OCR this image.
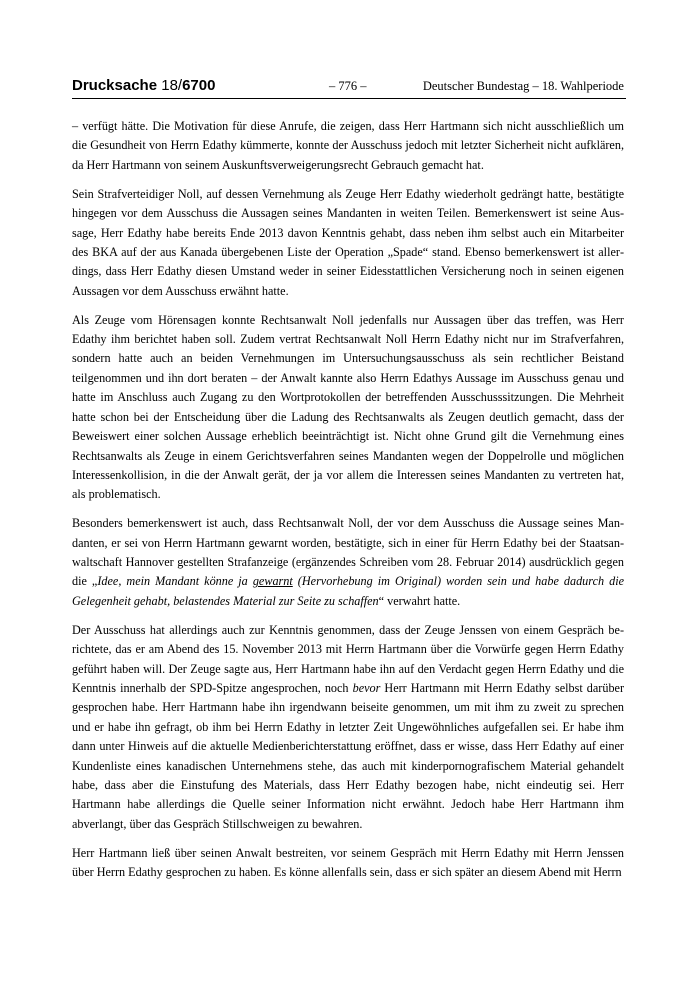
Drucksache 18/6700	– 776 –	Deutscher Bundestag – 18. Wahlperiode

– verfügt hätte. Die Motivation für diese Anrufe, die zeigen, dass Herr Hartmann sich nicht ausschließlich um die Gesundheit von Herrn Edathy kümmerte, konnte der Ausschuss jedoch mit letzter Sicherheit nicht aufklären, da Herr Hartmann von seinem Auskunftsverweigerungsrecht Gebrauch gemacht hat.

Sein Strafverteidiger Noll, auf dessen Vernehmung als Zeuge Herr Edathy wiederholt gedrängt hatte, bestätigte hingegen vor dem Ausschuss die Aussagen seines Mandanten in weiten Teilen. Bemerkenswert ist seine Aussage, Herr Edathy habe bereits Ende 2013 davon Kenntnis gehabt, dass neben ihm selbst auch ein Mitarbeiter des BKA auf der aus Kanada übergebenen Liste der Operation „Spade“ stand. Ebenso bemerkenswert ist allerdings, dass Herr Edathy diesen Umstand weder in seiner Eidesstattlichen Versicherung noch in seinen eigenen Aussagen vor dem Ausschuss erwähnt hatte.

Als Zeuge vom Hörensagen konnte Rechtsanwalt Noll jedenfalls nur Aussagen über das treffen, was Herr Edathy ihm berichtet haben soll. Zudem vertrat Rechtsanwalt Noll Herrn Edathy nicht nur im Strafverfahren, sondern hatte auch an beiden Vernehmungen im Untersuchungsausschuss als sein rechtlicher Beistand teilgenommen und ihn dort beraten – der Anwalt kannte also Herrn Edathys Aussage im Ausschuss genau und hatte im Anschluss auch Zugang zu den Wortprotokollen der betreffenden Ausschusssitzungen. Die Mehrheit hatte schon bei der Entscheidung über die Ladung des Rechtsanwalts als Zeugen deutlich gemacht, dass der Beweiswert einer solchen Aussage erheblich beeinträchtigt ist. Nicht ohne Grund gilt die Vernehmung eines Rechtsanwalts als Zeuge in einem Gerichtsverfahren seines Mandanten wegen der Doppelrolle und möglichen Interessenkollision, in die der Anwalt gerät, der ja vor allem die Interessen seines Mandanten zu vertreten hat, als problematisch.

Besonders bemerkenswert ist auch, dass Rechtsanwalt Noll, der vor dem Ausschuss die Aussage seines Mandanten, er sei von Herrn Hartmann gewarnt worden, bestätigte, sich in einer für Herrn Edathy bei der Staatsanwaltschaft Hannover gestellten Strafanzeige (ergänzendes Schreiben vom 28. Februar 2014) ausdrücklich gegen die „Idee, mein Mandant könne ja gewarnt (Hervorhebung im Original) worden sein und habe dadurch die Gelegenheit gehabt, belastendes Material zur Seite zu schaffen“ verwahrt hatte.

Der Ausschuss hat allerdings auch zur Kenntnis genommen, dass der Zeuge Jenssen von einem Gespräch berichtete, das er am Abend des 15. November 2013 mit Herrn Hartmann über die Vorwürfe gegen Herrn Edathy geführt haben will. Der Zeuge sagte aus, Herr Hartmann habe ihn auf den Verdacht gegen Herrn Edathy und die Kenntnis innerhalb der SPD-Spitze angesprochen, noch bevor Herr Hartmann mit Herrn Edathy selbst darüber gesprochen habe. Herr Hartmann habe ihn irgendwann beiseite genommen, um mit ihm zu zweit zu sprechen und er habe ihn gefragt, ob ihm bei Herrn Edathy in letzter Zeit Ungewöhnliches aufgefallen sei. Er habe ihm dann unter Hinweis auf die aktuelle Medienberichterstattung eröffnet, dass er wisse, dass Herr Edathy auf einer Kundenliste eines kanadischen Unternehmens stehe, das auch mit kinderpornografischem Material gehandelt habe, dass aber die Einstufung des Materials, dass Herr Edathy bezogen habe, nicht eindeutig sei. Herr Hartmann habe allerdings die Quelle seiner Information nicht erwähnt. Jedoch habe Herr Hartmann ihm abverlangt, über das Gespräch Stillschweigen zu bewahren.

Herr Hartmann ließ über seinen Anwalt bestreiten, vor seinem Gespräch mit Herrn Edathy mit Herrn Jenssen über Herrn Edathy gesprochen zu haben. Es könne allenfalls sein, dass er sich später an diesem Abend mit Herrn
